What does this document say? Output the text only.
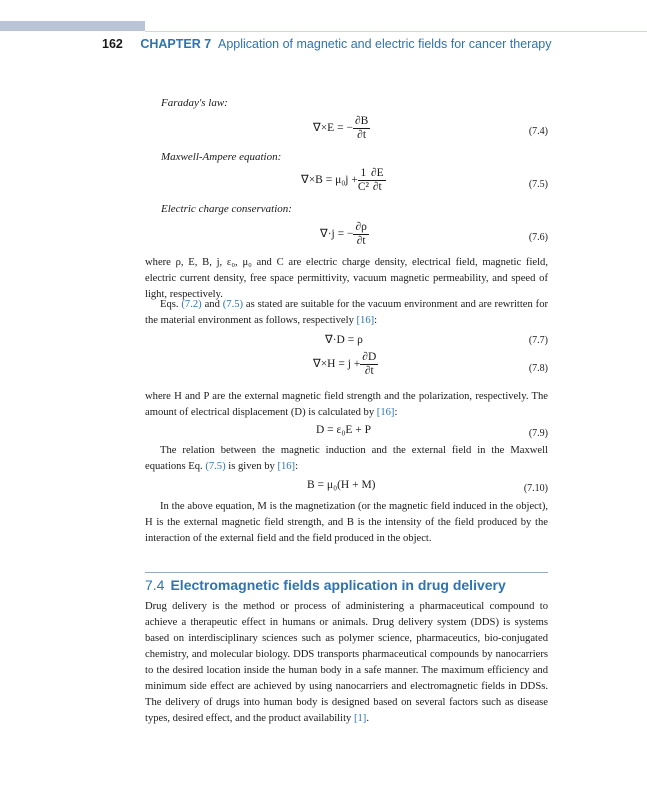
162 CHAPTER 7 Application of magnetic and electric fields for cancer therapy
Faraday's law:
∇×E = − $\frac{\partial B}{\partial t}$	(7.4)
Maxwell-Ampere equation:
$\nabla\times B = \mu_0j + \frac{1}{\text{C²}} \frac{\partial E}{\partial t}$	(7.5)
Electric charge conservation:
∇·j = − $\frac{\partial\rho}{\partial t}$	(7.6)
where ρ, E, B, j, ε₀, μ₀ and C are electric charge density, electrical field, magnetic field, electric current density, free space permittivity, vacuum magnetic permeability, and speed of light, respectively.
Eqs. (7.2) and (7.5) as stated are suitable for the vacuum environment and are rewritten for the material environment as follows, respectively [16]:
∇·D = ρ	(7.7)
$\nabla\times H = j + \frac{\partial D}{\partial t}$	(7.8)
where H and P are the external magnetic field strength and the polarization, respectively. The amount of electrical displacement (D) is calculated by [16]:
D = ε₀E + P	(7.9)
The relation between the magnetic induction and the external field in the Maxwell equations Eq. (7.5) is given by [16]:
B = μ₀(H + M)	(7.10)
In the above equation, M is the magnetization (or the magnetic field induced in the object), H is the external magnetic field strength, and B is the intensity of the field produced by the interaction of the external field and the field produced in the object.
7.4 Electromagnetic fields application in drug delivery
Drug delivery is the method or process of administering a pharmaceutical compound to achieve a therapeutic effect in humans or animals. Drug delivery system (DDS) is systems based on interdisciplinary sciences such as polymer science, pharmaceutics, bio-conjugated chemistry, and molecular biology. DDS transports pharmaceutical compounds by nanocarriers to the desired location inside the human body in a safe manner. The maximum efficiency and minimum side effect are achieved by using nanocarriers and electromagnetic fields in DDSs. The delivery of drugs into human body is designed based on several factors such as disease types, desired effect, and the product availability [1].
